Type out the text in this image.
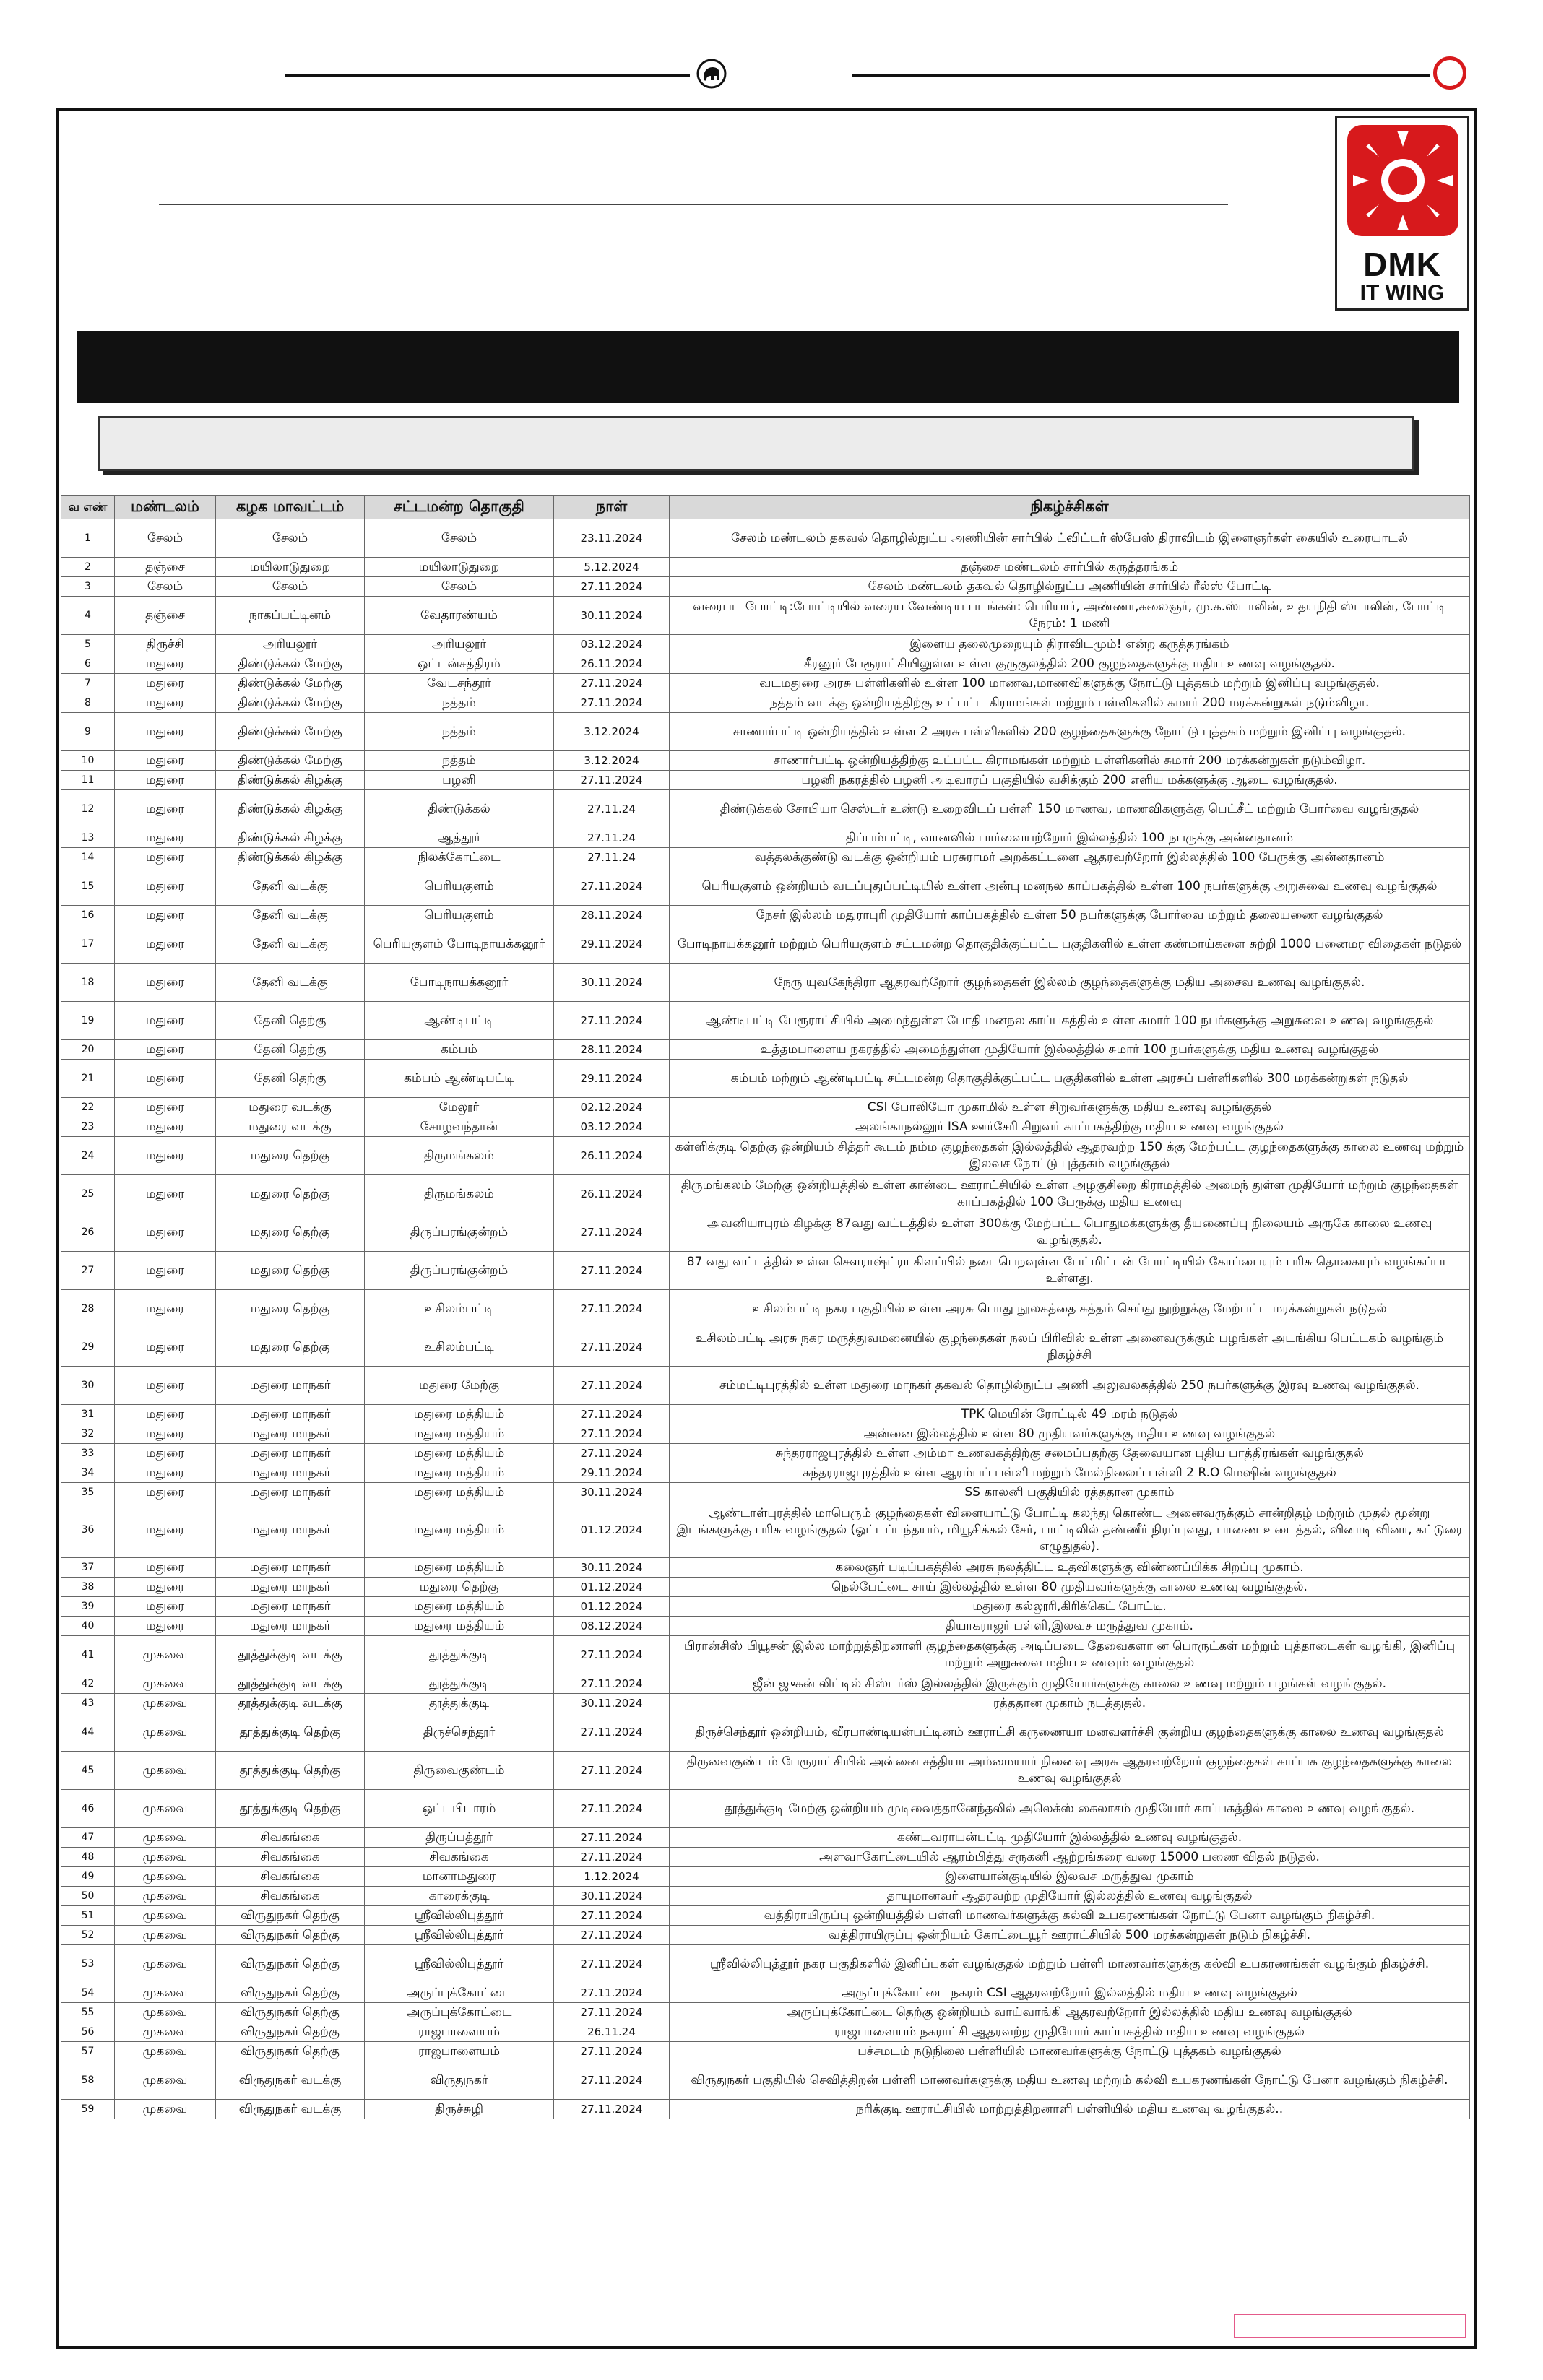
DMK
IT WING
வ எண்	மண்டலம்	கழக மாவட்டம்	சட்டமன்ற தொகுதி	நாள்	நிகழ்ச்சிகள்
1	சேலம்	சேலம்	சேலம்	23.11.2024	சேலம் மண்டலம் தகவல் தொழில்நுட்ப அணியின் சார்பில் ட்விட்டர் ஸ்பேஸ் திராவிடம் இளைஞர்கள் கையில் உரையாடல்
2	தஞ்சை	மயிலாடுதுறை	மயிலாடுதுறை	5.12.2024	தஞ்சை மண்டலம் சார்பில் கருத்தரங்கம்
3	சேலம்	சேலம்	சேலம்	27.11.2024	சேலம் மண்டலம் தகவல் தொழில்நுட்ப அணியின் சார்பில் ரீல்ஸ் போட்டி
4	தஞ்சை	நாகப்பட்டினம்	வேதாரண்யம்	30.11.2024	வரைபட போட்டி:போட்டியில் வரைய வேண்டிய படங்கள்: பெரியார், அண்ணா,கலைஞர், மு.க.ஸ்டாலின், உதயநிதி ஸ்டாலின், போட்டி நேரம்: 1 மணி
5	திருச்சி	அரியலூர்	அரியலூர்	03.12.2024	இளைய தலைமுறையும் திராவிடமும்! என்ற கருத்தரங்கம்
6	மதுரை	திண்டுக்கல் மேற்கு	ஒட்டன்சத்திரம்	26.11.2024	கீரனூர் பேரூராட்சியிலுள்ள உள்ள குருகுலத்தில் 200 குழந்தைகளுக்கு மதிய உணவு வழங்குதல்.
7	மதுரை	திண்டுக்கல் மேற்கு	வேடசந்தூர்	27.11.2024	வடமதுரை அரசு பள்ளிகளில் உள்ள 100 மாணவ,மாணவிகளுக்கு நோட்டு புத்தகம் மற்றும் இனிப்பு வழங்குதல்.
8	மதுரை	திண்டுக்கல் மேற்கு	நத்தம்	27.11.2024	நத்தம் வடக்கு ஒன்றியத்திற்கு உட்பட்ட கிராமங்கள் மற்றும் பள்ளிகளில் சுமார் 200 மரக்கன்றுகள் நடும்விழா.
9	மதுரை	திண்டுக்கல் மேற்கு	நத்தம்	3.12.2024	சாணார்பட்டி ஒன்றியத்தில் உள்ள 2 அரசு பள்ளிகளில் 200 குழந்தைகளுக்கு நோட்டு புத்தகம் மற்றும் இனிப்பு வழங்குதல்.
10	மதுரை	திண்டுக்கல் மேற்கு	நத்தம்	3.12.2024	சாணார்பட்டி ஒன்றியத்திற்கு உட்பட்ட கிராமங்கள் மற்றும் பள்ளிகளில் சுமார் 200 மரக்கன்றுகள் நடும்விழா.
11	மதுரை	திண்டுக்கல் கிழக்கு	பழனி	27.11.2024	பழனி நகரத்தில் பழனி அடிவாரப் பகுதியில் வசிக்கும் 200 எளிய மக்களுக்கு ஆடை வழங்குதல்.
12	மதுரை	திண்டுக்கல் கிழக்கு	திண்டுக்கல்	27.11.24	திண்டுக்கல் சோபியா செஸ்டர் உண்டு உறைவிடப் பள்ளி 150 மாணவ, மாணவிகளுக்கு பெட்சீட் மற்றும் போர்வை வழங்குதல்
13	மதுரை	திண்டுக்கல் கிழக்கு	ஆத்தூர்	27.11.24	திப்பம்பட்டி, வானவில் பார்வையற்றோர் இல்லத்தில் 100 நபருக்கு அன்னதானம்
14	மதுரை	திண்டுக்கல் கிழக்கு	நிலக்கோட்டை	27.11.24	வத்தலக்குண்டு வடக்கு ஒன்றியம் பரசுராமர் அறக்கட்டளை ஆதரவற்றோர் இல்லத்தில் 100 பேருக்கு அன்னதானம்
15	மதுரை	தேனி வடக்கு	பெரியகுளம்	27.11.2024	பெரியகுளம் ஒன்றியம் வடப்புதுப்பட்டியில் உள்ள அன்பு மனநல காப்பகத்தில் உள்ள 100 நபர்களுக்கு அறுசுவை உணவு வழங்குதல்
16	மதுரை	தேனி வடக்கு	பெரியகுளம்	28.11.2024	நேசர் இல்லம் மதுராபுரி முதியோர் காப்பகத்தில் உள்ள 50 நபர்களுக்கு போர்வை மற்றும் தலையணை வழங்குதல்
17	மதுரை	தேனி வடக்கு	பெரியகுளம் போடிநாயக்கனூர்	29.11.2024	போடிநாயக்கனூர் மற்றும் பெரியகுளம் சட்டமன்ற தொகுதிக்குட்பட்ட பகுதிகளில் உள்ள கண்மாய்களை சுற்றி 1000 பனைமர விதைகள் நடுதல்
18	மதுரை	தேனி வடக்கு	போடிநாயக்கனூர்	30.11.2024	நேரு யுவகேந்திரா ஆதரவற்றோர் குழந்தைகள் இல்லம் குழந்தைகளுக்கு மதிய அசைவ உணவு வழங்குதல்.
19	மதுரை	தேனி தெற்கு	ஆண்டிபட்டி	27.11.2024	ஆண்டிபட்டி பேரூராட்சியில் அமைந்துள்ள போதி மனநல காப்பகத்தில் உள்ள சுமார் 100 நபர்களுக்கு அறுசுவை உணவு வழங்குதல்
20	மதுரை	தேனி தெற்கு	கம்பம்	28.11.2024	உத்தமபாளைய நகரத்தில் அமைந்துள்ள முதியோர் இல்லத்தில் சுமார் 100 நபர்களுக்கு மதிய உணவு வழங்குதல்
21	மதுரை	தேனி தெற்கு	கம்பம் ஆண்டிபட்டி	29.11.2024	கம்பம் மற்றும் ஆண்டிபட்டி சட்டமன்ற தொகுதிக்குட்பட்ட பகுதிகளில் உள்ள அரசுப் பள்ளிகளில் 300 மரக்கன்றுகள் நடுதல்
22	மதுரை	மதுரை வடக்கு	மேலூர்	02.12.2024	CSI போலியோ முகாமில் உள்ள சிறுவர்களுக்கு மதிய உணவு வழங்குதல்
23	மதுரை	மதுரை வடக்கு	சோழவந்தான்	03.12.2024	அலங்காநல்லூர் ISA ஊர்சேரி சிறுவர் காப்பகத்திற்கு மதிய உணவு வழங்குதல்
24	மதுரை	மதுரை தெற்கு	திருமங்கலம்	26.11.2024	கள்ளிக்குடி தெற்கு ஒன்றியம் சித்தர் கூடம் நம்ம குழந்தைகள் இல்லத்தில் ஆதரவற்ற 150 க்கு மேற்பட்ட குழந்தைகளுக்கு காலை உணவு மற்றும் இலவச நோட்டு புத்தகம் வழங்குதல்
25	மதுரை	மதுரை தெற்கு	திருமங்கலம்	26.11.2024	திருமங்கலம் மேற்கு ஒன்றியத்தில் உள்ள கான்டை ஊராட்சியில் உள்ள அழகுசிறை கிராமத்தில் அமைந் துள்ள முதியோர் மற்றும் குழந்தைகள் காப்பகத்தில் 100 பேருக்கு மதிய உணவு
26	மதுரை	மதுரை தெற்கு	திருப்பரங்குன்றம்	27.11.2024	அவனியாபுரம் கிழக்கு 87வது வட்டத்தில் உள்ள 300க்கு மேற்பட்ட பொதுமக்களுக்கு தீயணைப்பு நிலையம் அருகே காலை உணவு வழங்குதல்.
27	மதுரை	மதுரை தெற்கு	திருப்பரங்குன்றம்	27.11.2024	87 வது வட்டத்தில் உள்ள சௌராஷ்ட்ரா கிளப்பில் நடைபெறவுள்ள பேட்மிட்டன் போட்டியில் கோப்பையும் பரிசு தொகையும் வழங்கப்பட உள்ளது.
28	மதுரை	மதுரை தெற்கு	உசிலம்பட்டி	27.11.2024	உசிலம்பட்டி நகர பகுதியில் உள்ள அரசு பொது நூலகத்தை சுத்தம் செய்து நூற்றுக்கு மேற்பட்ட மரக்கன்றுகள் நடுதல்
29	மதுரை	மதுரை தெற்கு	உசிலம்பட்டி	27.11.2024	உசிலம்பட்டி அரசு நகர மருத்துவமனையில் குழந்தைகள் நலப் பிரிவில் உள்ள அனைவருக்கும் பழங்கள் அடங்கிய பெட்டகம் வழங்கும் நிகழ்ச்சி
30	மதுரை	மதுரை மாநகர்	மதுரை மேற்கு	27.11.2024	சம்மட்டிபுரத்தில் உள்ள மதுரை மாநகர் தகவல் தொழில்நுட்ப அணி அலுவலகத்தில் 250 நபர்களுக்கு இரவு உணவு வழங்குதல்.
31	மதுரை	மதுரை மாநகர்	மதுரை மத்தியம்	27.11.2024	TPK மெயின் ரோட்டில் 49 மரம் நடுதல்
32	மதுரை	மதுரை மாநகர்	மதுரை மத்தியம்	27.11.2024	அன்னை இல்லத்தில் உள்ள 80 முதியவர்களுக்கு மதிய உணவு வழங்குதல்
33	மதுரை	மதுரை மாநகர்	மதுரை மத்தியம்	27.11.2024	சுந்தரராஜபுரத்தில் உள்ள அம்மா உணவகத்திற்கு சமைப்பதற்கு தேவையான புதிய பாத்திரங்கள் வழங்குதல்
34	மதுரை	மதுரை மாநகர்	மதுரை மத்தியம்	29.11.2024	சுந்தரராஜபுரத்தில் உள்ள ஆரம்பப் பள்ளி மற்றும் மேல்நிலைப் பள்ளி 2 R.O மெஷின் வழங்குதல்
35	மதுரை	மதுரை மாநகர்	மதுரை மத்தியம்	30.11.2024	SS காலனி பகுதியில் ரத்ததான முகாம்
36	மதுரை	மதுரை மாநகர்	மதுரை மத்தியம்	01.12.2024	ஆண்டாள்புரத்தில் மாபெரும் குழந்தைகள் விளையாட்டு போட்டி கலந்து கொண்ட அனைவருக்கும் சான்றிதழ் மற்றும் முதல் மூன்று இடங்களுக்கு பரிசு வழங்குதல் (ஓட்டப்பந்தயம், மியூசிக்கல் சேர், பாட்டிலில் தண்ணீர் நிரப்புவது, பாணை உடைத்தல், வினாடி வினா, கட்டுரை எழுதுதல்).
37	மதுரை	மதுரை மாநகர்	மதுரை மத்தியம்	30.11.2024	கலைஞர் படிப்பகத்தில் அரசு நலத்திட்ட உதவிகளுக்கு விண்ணப்பிக்க சிறப்பு முகாம்.
38	மதுரை	மதுரை மாநகர்	மதுரை தெற்கு	01.12.2024	நெல்பேட்டை சாய் இல்லத்தில் உள்ள 80 முதியவர்களுக்கு காலை உணவு வழங்குதல்.
39	மதுரை	மதுரை மாநகர்	மதுரை மத்தியம்	01.12.2024	மதுரை கல்லூரி,கிரிக்கெட் போட்டி.
40	மதுரை	மதுரை மாநகர்	மதுரை மத்தியம்	08.12.2024	தியாகராஜர் பள்ளி,இலவச மருத்துவ முகாம்.
41	முகவை	தூத்துக்குடி வடக்கு	தூத்துக்குடி	27.11.2024	பிரான்சிஸ் பியூசன் இல்ல மாற்றுத்திறனாளி குழந்தைகளுக்கு அடிப்படை தேவைகளா ன பொருட்கள் மற்றும் புத்தாடைகள் வழங்கி, இனிப்பு மற்றும் அறுசுவை மதிய உணவும் வழங்குதல்
42	முகவை	தூத்துக்குடி வடக்கு	தூத்துக்குடி	27.11.2024	ஜீன் ஜுகன் லிட்டில் சிஸ்டர்ஸ் இல்லத்தில் இருக்கும் முதியோர்களுக்கு காலை உணவு மற்றும் பழங்கள் வழங்குதல்.
43	முகவை	தூத்துக்குடி வடக்கு	தூத்துக்குடி	30.11.2024	ரத்ததான முகாம் நடத்துதல்.
44	முகவை	தூத்துக்குடி தெற்கு	திருச்செந்தூர்	27.11.2024	திருச்செந்தூர் ஒன்றியம், வீரபாண்டியன்பட்டினம் ஊராட்சி கருணையா மனவளர்ச்சி குன்றிய குழந்தைகளுக்கு காலை உணவு வழங்குதல்
45	முகவை	தூத்துக்குடி தெற்கு	திருவைகுண்டம்	27.11.2024	திருவைகுண்டம் பேரூராட்சியில் அன்னை சத்தியா அம்மையார் நினைவு அரசு ஆதரவற்றோர் குழந்தைகள் காப்பக குழந்தைகளுக்கு காலை உணவு வழங்குதல்
46	முகவை	தூத்துக்குடி தெற்கு	ஒட்டபிடாரம்	27.11.2024	தூத்துக்குடி மேற்கு ஒன்றியம் முடிவைத்தானேந்தலில் அலெக்ஸ் கைலாசம் முதியோர் காப்பகத்தில் காலை உணவு வழங்குதல்.
47	முகவை	சிவகங்கை	திருப்பத்தூர்	27.11.2024	கண்டவராயன்பட்டி முதியோர் இல்லத்தில் உணவு வழங்குதல்.
48	முகவை	சிவகங்கை	சிவகங்கை	27.11.2024	அளவாகோட்டையில் ஆரம்பித்து சருகனி ஆற்றங்கரை வரை 15000 பணை விதல் நடுதல்.
49	முகவை	சிவகங்கை	மானாமதுரை	1.12.2024	இளையான்குடியில் இலவச மருத்துவ முகாம்
50	முகவை	சிவகங்கை	காரைக்குடி	30.11.2024	தாயுமானவர் ஆதரவற்ற முதியோர் இல்லத்தில் உணவு வழங்குதல்
51	முகவை	விருதுநகர் தெற்கு	ஸ்ரீவில்லிபுத்தூர்	27.11.2024	வத்திராயிருப்பு ஒன்றியத்தில் பள்ளி மாணவர்களுக்கு கல்வி உபகரணங்கள் நோட்டு பேனா வழங்கும் நிகழ்ச்சி.
52	முகவை	விருதுநகர் தெற்கு	ஸ்ரீவில்லிபுத்தூர்	27.11.2024	வத்திராயிருப்பு ஒன்றியம் கோட்டையூர் ஊராட்சியில் 500 மரக்கன்றுகள் நடும் நிகழ்ச்சி.
53	முகவை	விருதுநகர் தெற்கு	ஸ்ரீவில்லிபுத்தூர்	27.11.2024	ஸ்ரீவில்லிபுத்தூர் நகர பகுதிகளில் இனிப்புகள் வழங்குதல் மற்றும் பள்ளி மாணவர்களுக்கு கல்வி உபகரணங்கள் வழங்கும் நிகழ்ச்சி.
54	முகவை	விருதுநகர் தெற்கு	அருப்புக்கோட்டை	27.11.2024	அருப்புக்கோட்டை நகரம் CSI ஆதரவற்றோர் இல்லத்தில் மதிய உணவு வழங்குதல்
55	முகவை	விருதுநகர் தெற்கு	அருப்புக்கோட்டை	27.11.2024	அருப்புக்கோட்டை தெற்கு ஒன்றியம் வாய்வாங்கி ஆதரவற்றோர் இல்லத்தில் மதிய உணவு வழங்குதல்
56	முகவை	விருதுநகர் தெற்கு	ராஜபாளையம்	26.11.24	ராஜபாளையம் நகராட்சி ஆதரவற்ற முதியோர் காப்பகத்தில் மதிய உணவு வழங்குதல்
57	முகவை	விருதுநகர் தெற்கு	ராஜபாளையம்	27.11.2024	பச்சமடம் நடுநிலை பள்ளியில் மாணவர்களுக்கு நோட்டு புத்தகம் வழங்குதல்
58	முகவை	விருதுநகர் வடக்கு	விருதுநகர்	27.11.2024	விருதுநகர் பகுதியில் செவித்திறன் பள்ளி மாணவர்களுக்கு மதிய உணவு மற்றும் கல்வி உபகரணங்கள் நோட்டு பேனா வழங்கும் நிகழ்ச்சி.
59	முகவை	விருதுநகர் வடக்கு	திருச்சுழி	27.11.2024	நரிக்குடி ஊராட்சியில் மாற்றுத்திறனாளி பள்ளியில் மதிய உணவு வழங்குதல்..
